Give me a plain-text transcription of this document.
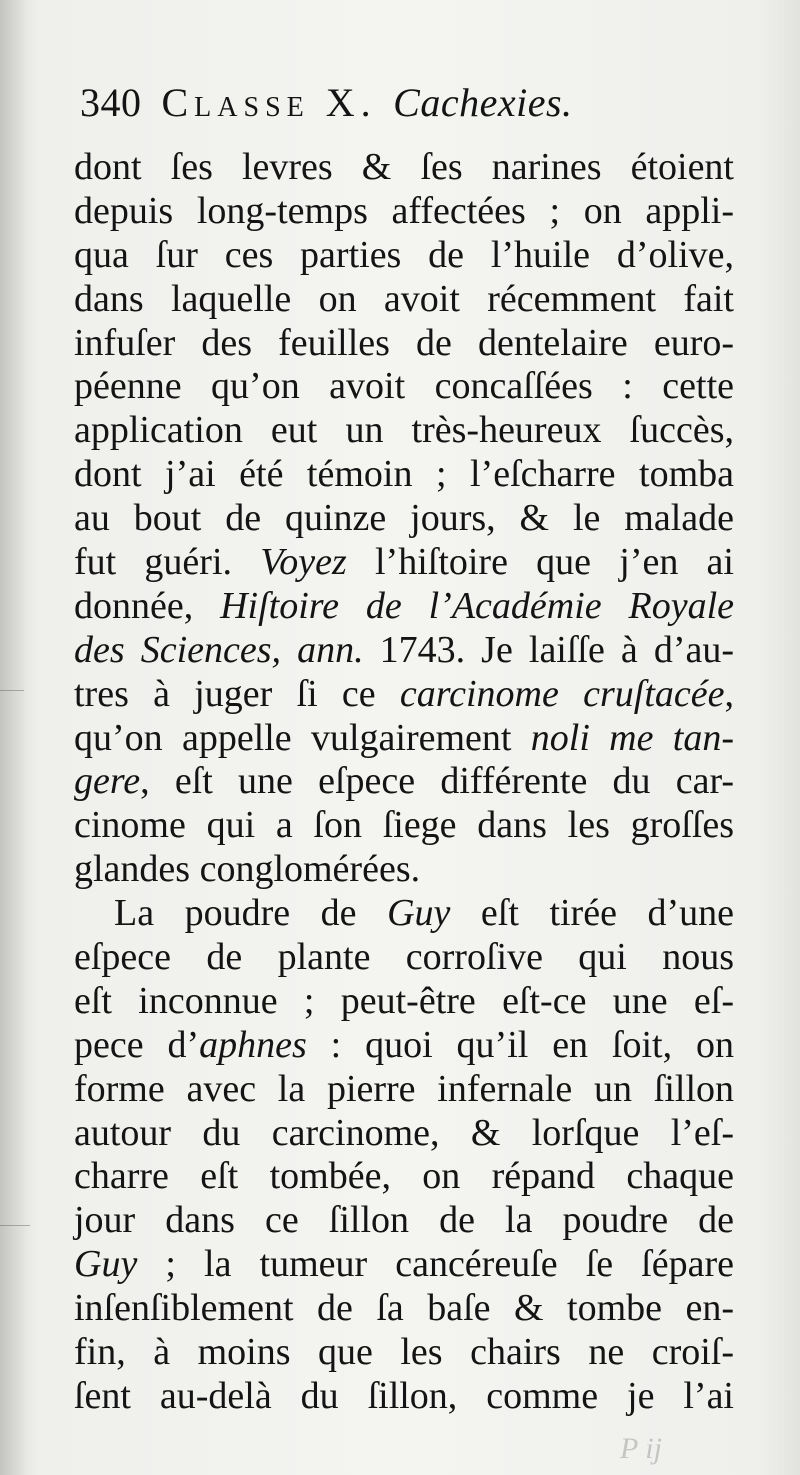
340 Classe X. Cachexies.
dont ſes levres & ſes narines étoient
depuis long-temps affectées ; on appli-
qua ſur ces parties de l’huile d’olive,
dans laquelle on avoit récemment fait
infuſer des feuilles de dentelaire euro-
péenne qu’on avoit concaſſées : cette
application eut un très-heureux ſuccès,
dont j’ai été témoin ; l’eſcharre tomba
au bout de quinze jours, & le malade
fut guéri. Voyez l’hiſtoire que j’en ai
donnée, Hiſtoire de l’Académie Royale
des Sciences, ann. 1743. Je laiſſe à d’au-
tres à juger ſi ce carcinome cruſtacée,
qu’on appelle vulgairement noli me tan-
gere, eſt une eſpece différente du car-
cinome qui a ſon ſiege dans les groſſes
glandes conglomérées.
La poudre de Guy eſt tirée d’une
eſpece de plante corroſive qui nous
eſt inconnue ; peut-être eſt-ce une eſ-
pece d’aphnes : quoi qu’il en ſoit, on
forme avec la pierre infernale un ſillon
autour du carcinome, & lorſque l’eſ-
charre eſt tombée, on répand chaque
jour dans ce ſillon de la poudre de
Guy ; la tumeur cancéreuſe ſe ſépare
inſenſiblement de ſa baſe & tombe en-
fin, à moins que les chairs ne croiſ-
ſent au-delà du ſillon, comme je l’ai
P ij
